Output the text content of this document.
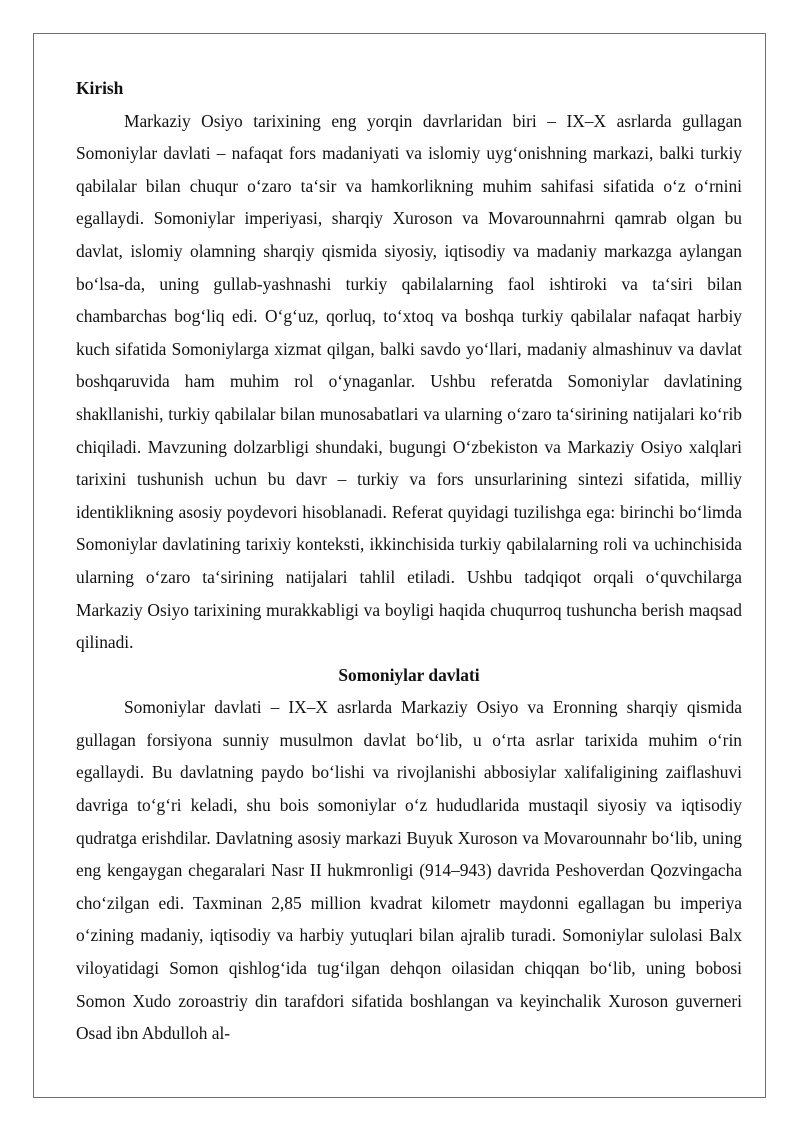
Kirish

Markaziy Osiyo tarixining eng yorqin davrlaridan biri – IX–X asrlarda gullagan Somoniylar davlati – nafaqat fors madaniyati va islomiy uygʻonishning markazi, balki turkiy qabilalar bilan chuqur oʻzaro taʻsir va hamkorlikning muhim sahifasi sifatida oʻz oʻrnini egallaydi. Somoniylar imperiyasi, sharqiy Xuroson va Movarounnahrni qamrab olgan bu davlat, islomiy olamning sharqiy qismida siyosiy, iqtisodiy va madaniy markazga aylangan boʻlsa-da, uning gullab-yashnashi turkiy qabilalarning faol ishtiroki va taʻsiri bilan chambarchas bogʻliq edi. Oʻgʻuz, qorluq, toʻxtoq va boshqa turkiy qabilalar nafaqat harbiy kuch sifatida Somoniylarga xizmat qilgan, balki savdo yoʻllari, madaniy almashinuv va davlat boshqaruvida ham muhim rol oʻynaganlar. Ushbu referatda Somoniylar davlatining shakllanishi, turkiy qabilalar bilan munosabatlari va ularning oʻzaro taʻsirining natijalari koʻrib chiqiladi. Mavzuning dolzarbligi shundaki, bugungi Oʻzbekiston va Markaziy Osiyo xalqlari tarixini tushunish uchun bu davr – turkiy va fors unsurlarining sintezi sifatida, milliy identiklikning asosiy poydevori hisoblanadi. Referat quyidagi tuzilishga ega: birinchi boʻlimda Somoniylar davlatining tarixiy konteksti, ikkinchisida turkiy qabilalarning roli va uchinchisida ularning oʻzaro taʻsirining natijalari tahlil etiladi. Ushbu tadqiqot orqali oʻquvchilarga Markaziy Osiyo tarixining murakkabligi va boyligi haqida chuqurroq tushuncha berish maqsad qilinadi.

Somoniylar davlati

Somoniylar davlati – IX–X asrlarda Markaziy Osiyo va Eronning sharqiy qismida gullagan forsiyona sunniy musulmon davlat boʻlib, u oʻrta asrlar tarixida muhim oʻrin egallaydi. Bu davlatning paydo boʻlishi va rivojlanishi abbosiylar xalifaligining zaiflashuvi davriga toʻgʻri keladi, shu bois somoniylar oʻz hududlarida mustaqil siyosiy va iqtisodiy qudratga erishdilar. Davlatning asosiy markazi Buyuk Xuroson va Movarounnahr boʻlib, uning eng kengaygan chegaralari Nasr II hukmronligi (914–943) davrida Peshoverdan Qozvingacha choʻzilgan edi. Taxminan 2,85 million kvadrat kilometr maydonni egallagan bu imperiya oʻzining madaniy, iqtisodiy va harbiy yutuqlari bilan ajralib turadi. Somoniylar sulolasi Balx viloyatidagi Somon qishlogʻida tugʻilgan dehqon oilasidan chiqqan boʻlib, uning bobosi Somon Xudo zoroastriy din tarafdori sifatida boshlangan va keyinchalik Xuroson guverneri Osad ibn Abdulloh al-
